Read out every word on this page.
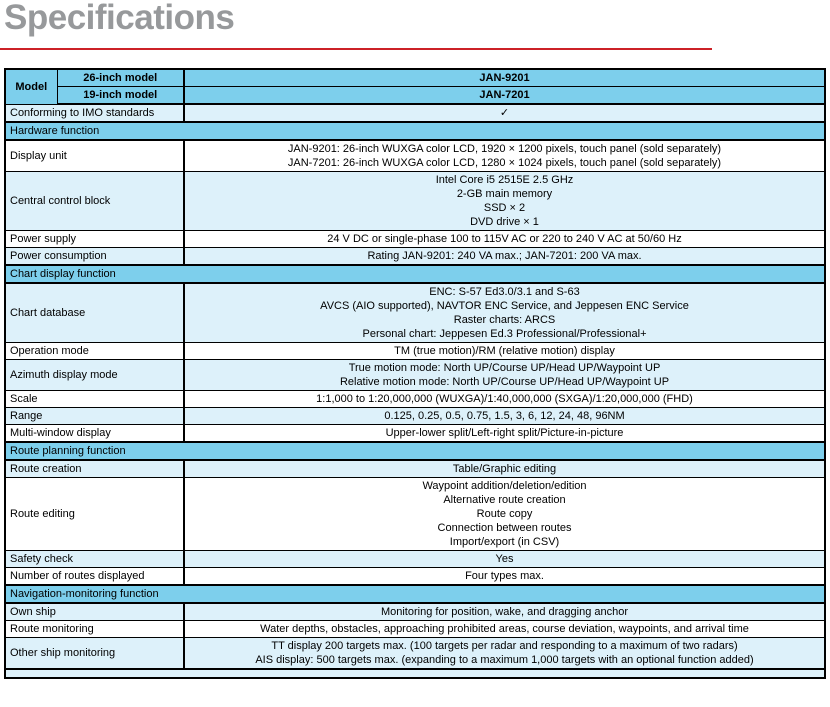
Specifications
Model	26-inch model	JAN-9201
	19-inch model	JAN-7201
Conforming to IMO standards		✓

Hardware function		
Display unit		JAN-9201: 26-inch WUXGA color LCD, 1920 × 1200 pixels, touch panel (sold separately)
JAN-7201: 26-inch WUXGA color LCD, 1280 × 1024 pixels, touch panel (sold separately)

Central control block		Intel Core i5 2515E 2.5 GHz
2-GB main memory
SSD × 2
DVD drive × 1

Power supply		24 V DC or single-phase 100 to 115V AC or 220 to 240 V AC at 50/60 Hz

Power consumption		Rating JAN-9201: 240 VA max.; JAN-7201: 200 VA max.

Chart display function		
Chart database		ENC: S-57 Ed3.0/3.1 and S-63
AVCS (AIO supported), NAVTOR ENC Service, and Jeppesen ENC Service
Raster charts: ARCS
Personal chart: Jeppesen Ed.3 Professional/Professional+

Operation mode		TM (true motion)/RM (relative motion) display

Azimuth display mode		True motion mode: North UP/Course UP/Head UP/Waypoint UP
Relative motion mode: North UP/Course UP/Head UP/Waypoint UP

Scale		1:1,000 to 1:20,000,000 (WUXGA)/1:40,000,000 (SXGA)/1:20,000,000 (FHD)

Range		0.125, 0.25, 0.5, 0.75, 1.5, 3, 6, 12, 24, 48, 96NM

Multi-window display		Upper-lower split/Left-right split/Picture-in-picture

Route planning function		
Route creation		Table/Graphic editing

Route editing		Waypoint addition/deletion/edition
Alternative route creation
Route copy
Connection between routes
Import/export (in CSV)

Safety check		Yes

Number of routes displayed		Four types max.

Navigation-monitoring function		
Own ship		Monitoring for position, wake, and dragging anchor

Route monitoring		Water depths, obstacles, approaching prohibited areas, course deviation, waypoints, and arrival time

Other ship monitoring		TT display 200 targets max. (100 targets per radar and responding to a maximum of two radars)
AIS display: 500 targets max. (expanding to a maximum 1,000 targets with an optional function added)
